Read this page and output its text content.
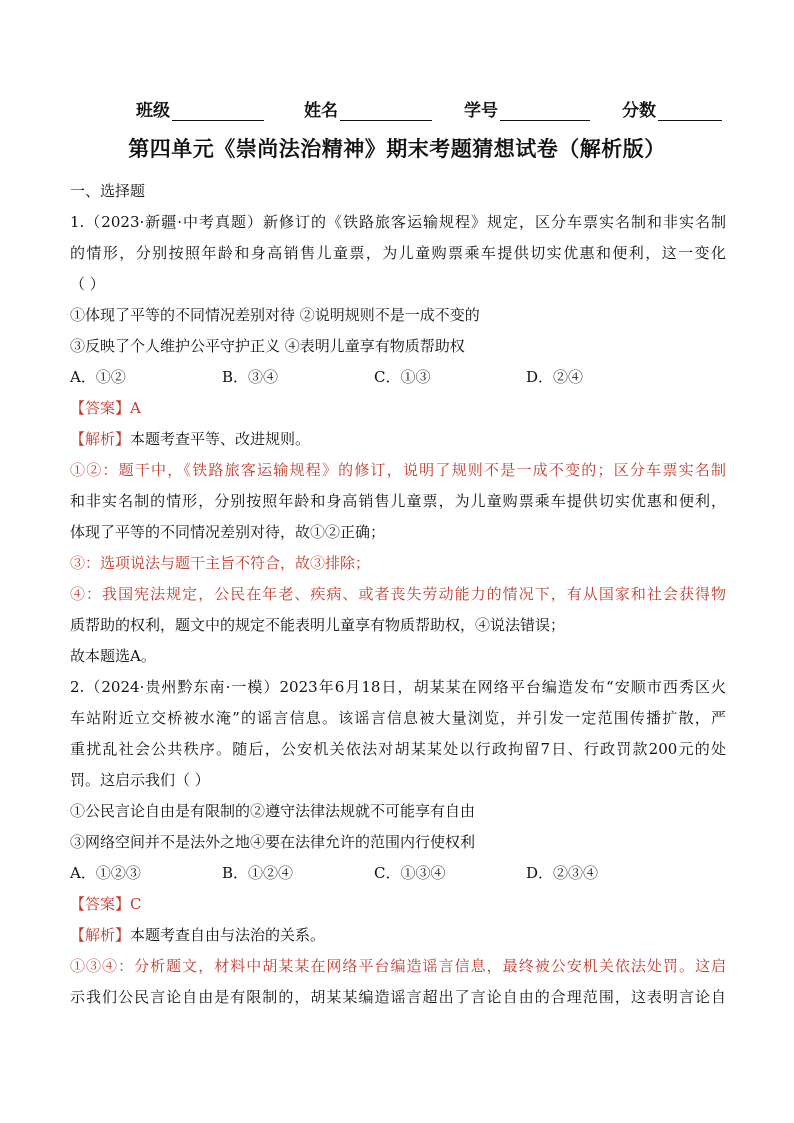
班级	姓名	学号	分数
第四单元《崇尚法治精神》期末考题猜想试卷（解析版）
一、选择题
1.（2023·新疆·中考真题）新修订的《铁路旅客运输规程》规定，区分车票实名制和非实名制
的情形，分别按照年龄和身高销售儿童票，为儿童购票乘车提供切实优惠和便利，这一变化
（ ）
①体现了平等的不同情况差别对待 ②说明规则不是一成不变的
③反映了个人维护公平守护正义 ④表明儿童享有物质帮助权
A．①②	B．③④	C．①③	D．②④
【答案】A
【解析】本题考查平等、改进规则。
①②：题干中，《铁路旅客运输规程》的修订，说明了规则不是一成不变的；区分车票实名制
和非实名制的情形，分别按照年龄和身高销售儿童票，为儿童购票乘车提供切实优惠和便利，
体现了平等的不同情况差别对待，故①②正确；
③：选项说法与题干主旨不符合，故③排除；
④：我国宪法规定，公民在年老、疾病、或者丧失劳动能力的情况下，有从国家和社会获得物
质帮助的权利，题文中的规定不能表明儿童享有物质帮助权，④说法错误；
故本题选A。
2.（2024·贵州黔东南·一模）2023年6月18日，胡某某在网络平台编造发布“安顺市西秀区火
车站附近立交桥被水淹”的谣言信息。该谣言信息被大量浏览，并引发一定范围传播扩散，严
重扰乱社会公共秩序。随后，公安机关依法对胡某某处以行政拘留7日、行政罚款200元的处
罚。这启示我们（ ）
①公民言论自由是有限制的②遵守法律法规就不可能享有自由
③网络空间并不是法外之地④要在法律允许的范围内行使权利
A．①②③	B．①②④	C．①③④	D．②③④
【答案】C
【解析】本题考查自由与法治的关系。
①③④：分析题文，材料中胡某某在网络平台编造谣言信息，最终被公安机关依法处罚。这启
示我们公民言论自由是有限制的，胡某某编造谣言超出了言论自由的合理范围，这表明言论自
